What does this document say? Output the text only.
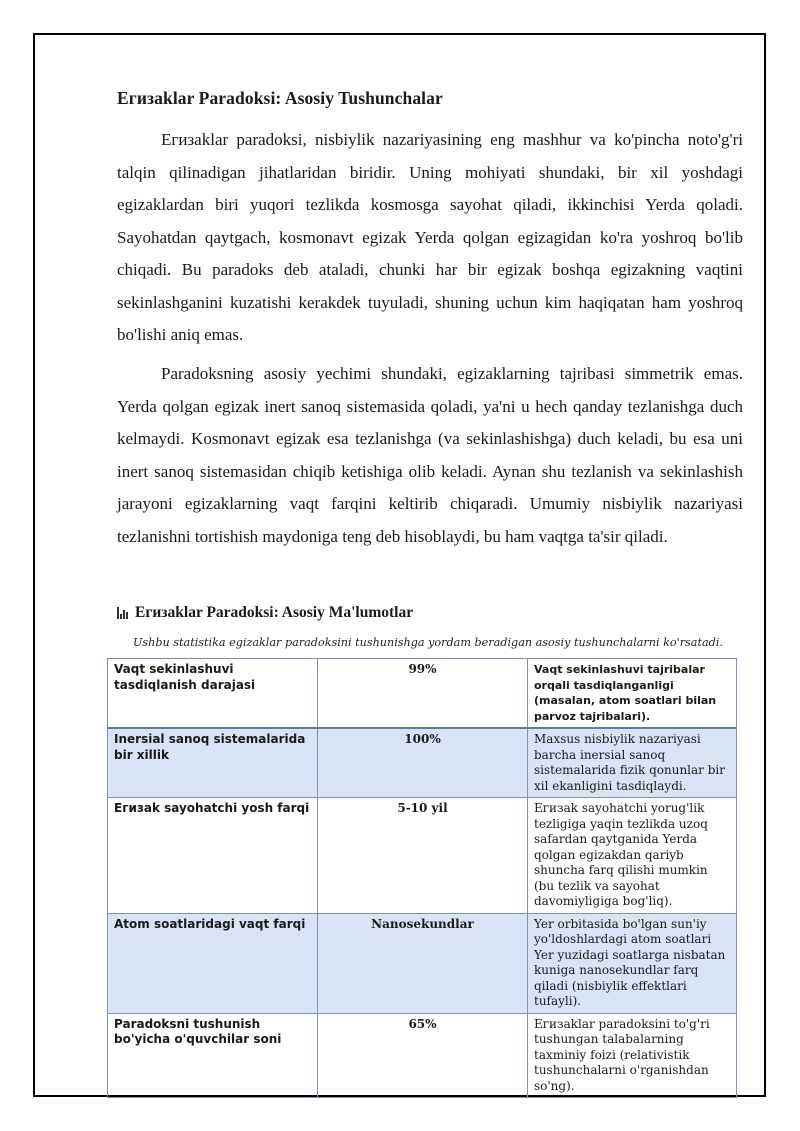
Егизaklar Paradoksi: Asosiy Tushunchalar

Егизaklar paradoksi, nisbiylik nazariyasining eng mashhur va ko'pincha noto'g'ri talqin qilinadigan jihatlaridan biridir. Uning mohiyati shundaki, bir xil yoshdagi egizaklardan biri yuqori tezlikda kosmosga sayohat qiladi, ikkinchisi Yerda qoladi. Sayohatdan qaytgach, kosmonavt egizak Yerda qolgan egizagidan ko'ra yoshroq bo'lib chiqadi. Bu paradoks deb ataladi, chunki har bir egizak boshqa egizakning vaqtini sekinlashganini kuzatishi kerakdek tuyuladi, shuning uchun kim haqiqatan ham yoshroq bo'lishi aniq emas.

Paradoksning asosiy yechimi shundaki, egizaklarning tajribasi simmetrik emas. Yerda qolgan egizak inert sanoq sistemasida qoladi, ya'ni u hech qanday tezlanishga duch kelmaydi. Kosmonavt egizak esa tezlanishga (va sekinlashishga) duch keladi, bu esa uni inert sanoq sistemasidan chiqib ketishiga olib keladi. Aynan shu tezlanish va sekinlashish jarayoni egizaklarning vaqt farqini keltirib chiqaradi. Umumiy nisbiylik nazariyasi tezlanishni tortishish maydoniga teng deb hisoblaydi, bu ham vaqtga ta'sir qiladi.

Егизaklar Paradoksi: Asosiy Ma'lumotlar
Ushbu statistika egizaklar paradoksini tushunishga yordam beradigan asosiy tushunchalarni ko'rsatadi.
Vaqt sekinlashuvi tasdiqlanish darajasi	99%	Vaqt sekinlashuvi tajribalar orqali tasdiqlanganligi (masalan, atom soatlari bilan parvoz tajribalari).
Inersial sanoq sistemalarida bir xillik	100%	Maxsus nisbiylik nazariyasi barcha inersial sanoq sistemalarida fizik qonunlar bir xil ekanligini tasdiqlaydi.
Егизak sayohatchi yosh farqi	5-10 yil	Егизak sayohatchi yorug'lik tezligiga yaqin tezlikda uzoq safardan qaytganida Yerda qolgan egizakdan qariyb shuncha farq qilishi mumkin (bu tezlik va sayohat davomiyligiga bog'liq).
Atom soatlaridagi vaqt farqi	Nanosekundlar	Yer orbitasida bo'lgan sun'iy yo'ldoshlardagi atom soatlari Yer yuzidagi soatlarga nisbatan kuniga nanosekundlar farq qiladi (nisbiylik effektlari tufayli).
Paradoksni tushunish bo'yicha o'quvchilar soni	65%	Егизaklar paradoksini to'g'ri tushungan talabalarning taxminiy foizi (relativistik tushunchalarni o'rganishdan so'ng).
